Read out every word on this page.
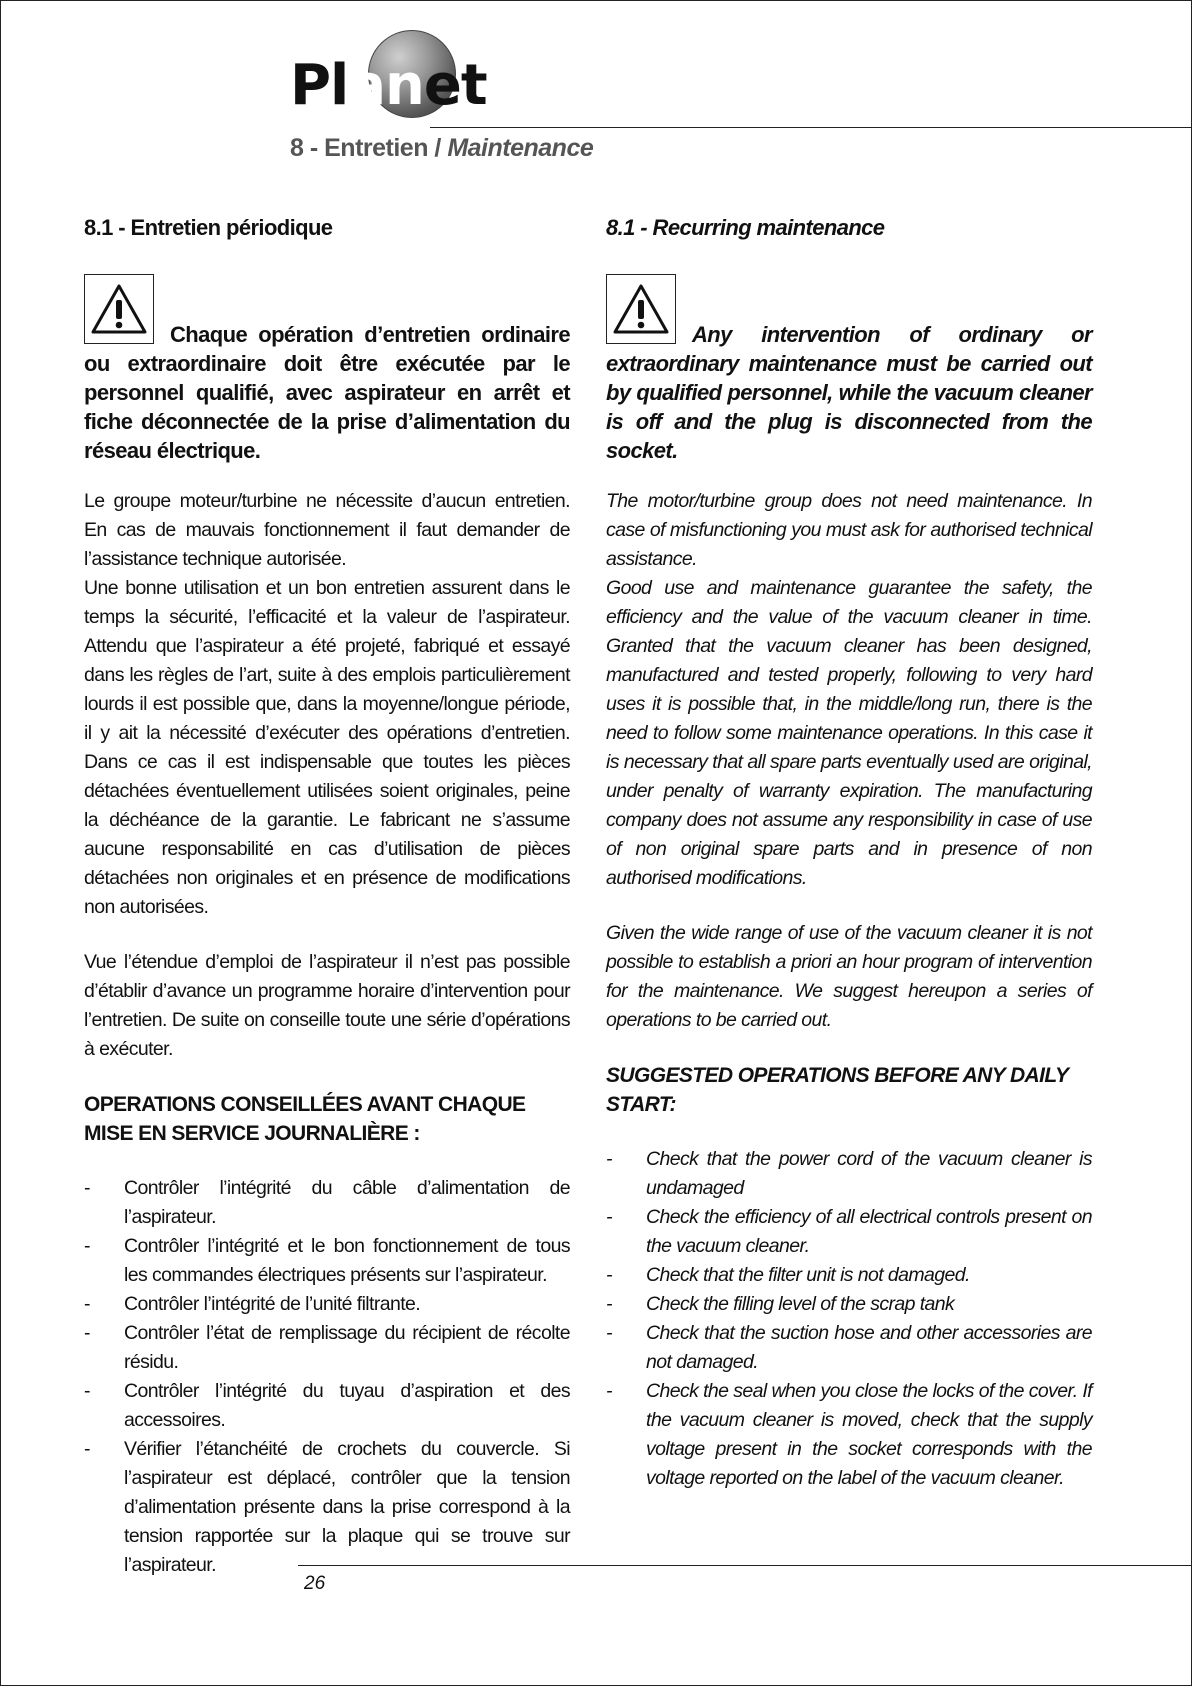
Planet
8 - Entretien / Maintenance
8.1 - Entretien périodique
Chaque opération d’entretien ordinaire ou extraordinaire doit être exécutée par le personnel qualifié, avec aspirateur en arrêt et fiche déconnectée de la prise d’alimentation du réseau électrique.

Le groupe moteur/turbine ne nécessite d’aucun entretien. En cas de mauvais fonctionnement il faut demander de l’assistance technique autorisée.

Une bonne utilisation et un bon entretien assurent dans le temps la sécurité, l’efficacité et la valeur de l’aspirateur. Attendu que l’aspirateur a été projeté, fabriqué et essayé dans les règles de l’art, suite à des emplois particulièrement lourds il est possible que, dans la moyenne/longue période, il y ait la nécessité d’exécuter des opérations d’entretien. Dans ce cas il est indispensable que toutes les pièces détachées éventuellement utilisées soient originales, peine la déchéance de la garantie. Le fabricant ne s’assume aucune responsabilité en cas d’utilisation de pièces détachées non originales et en présence de modifications non autorisées.

Vue l’étendue d’emploi de l’aspirateur il n’est pas possible d’établir d’avance un programme horaire d’intervention pour l’entretien. De suite on conseille toute une série d’opérations à exécuter.

OPERATIONS CONSEILLÉES AVANT CHAQUE MISE EN SERVICE JOURNALIÈRE :
- Contrôler l’intégrité du câble d’alimentation de l’aspirateur.
- Contrôler l’intégrité et le bon fonctionnement de tous les commandes électriques présents sur l’aspirateur.
- Contrôler l’intégrité de l’unité filtrante.
- Contrôler l’état de remplissage du récipient de récolte résidu.
- Contrôler l’intégrité du tuyau d’aspiration et des accessoires.
- Vérifier l’étanchéité de crochets du couvercle. Si l’aspirateur est déplacé, contrôler que la tension d’alimentation présente dans la prise correspond à la tension rapportée sur la plaque qui se trouve sur l’aspirateur.
8.1 - Recurring maintenance
Any intervention of ordinary or extraordinary maintenance must be carried out by qualified personnel, while the vacuum cleaner is off and the plug is disconnected from the socket.

The motor/turbine group does not need maintenance. In case of misfunctioning you must ask for authorised technical assistance.

Good use and maintenance guarantee the safety, the efficiency and the value of the vacuum cleaner in time. Granted that the vacuum cleaner has been designed, manufactured and tested properly, following to very hard uses it is possible that, in the middle/long run, there is the need to follow some maintenance operations. In this case it is necessary that all spare parts eventually used are original, under penalty of warranty expiration. The manufacturing company does not assume any responsibility in case of use of non original spare parts and in presence of non authorised modifications.

Given the wide range of use of the vacuum cleaner it is not possible to establish a priori an hour program of intervention for the maintenance. We suggest hereupon a series of operations to be carried out.

SUGGESTED OPERATIONS BEFORE ANY DAILY START:
- Check that the power cord of the vacuum cleaner is undamaged
- Check the efficiency of all electrical controls present on the vacuum cleaner.
- Check that the filter unit is not damaged.
- Check the filling level of the scrap tank
- Check that the suction hose and other accessories are not damaged.
- Check the seal when you close the locks of the cover. If the vacuum cleaner is moved, check that the supply voltage present in the socket corresponds with the voltage reported on the label of the vacuum cleaner.
26
